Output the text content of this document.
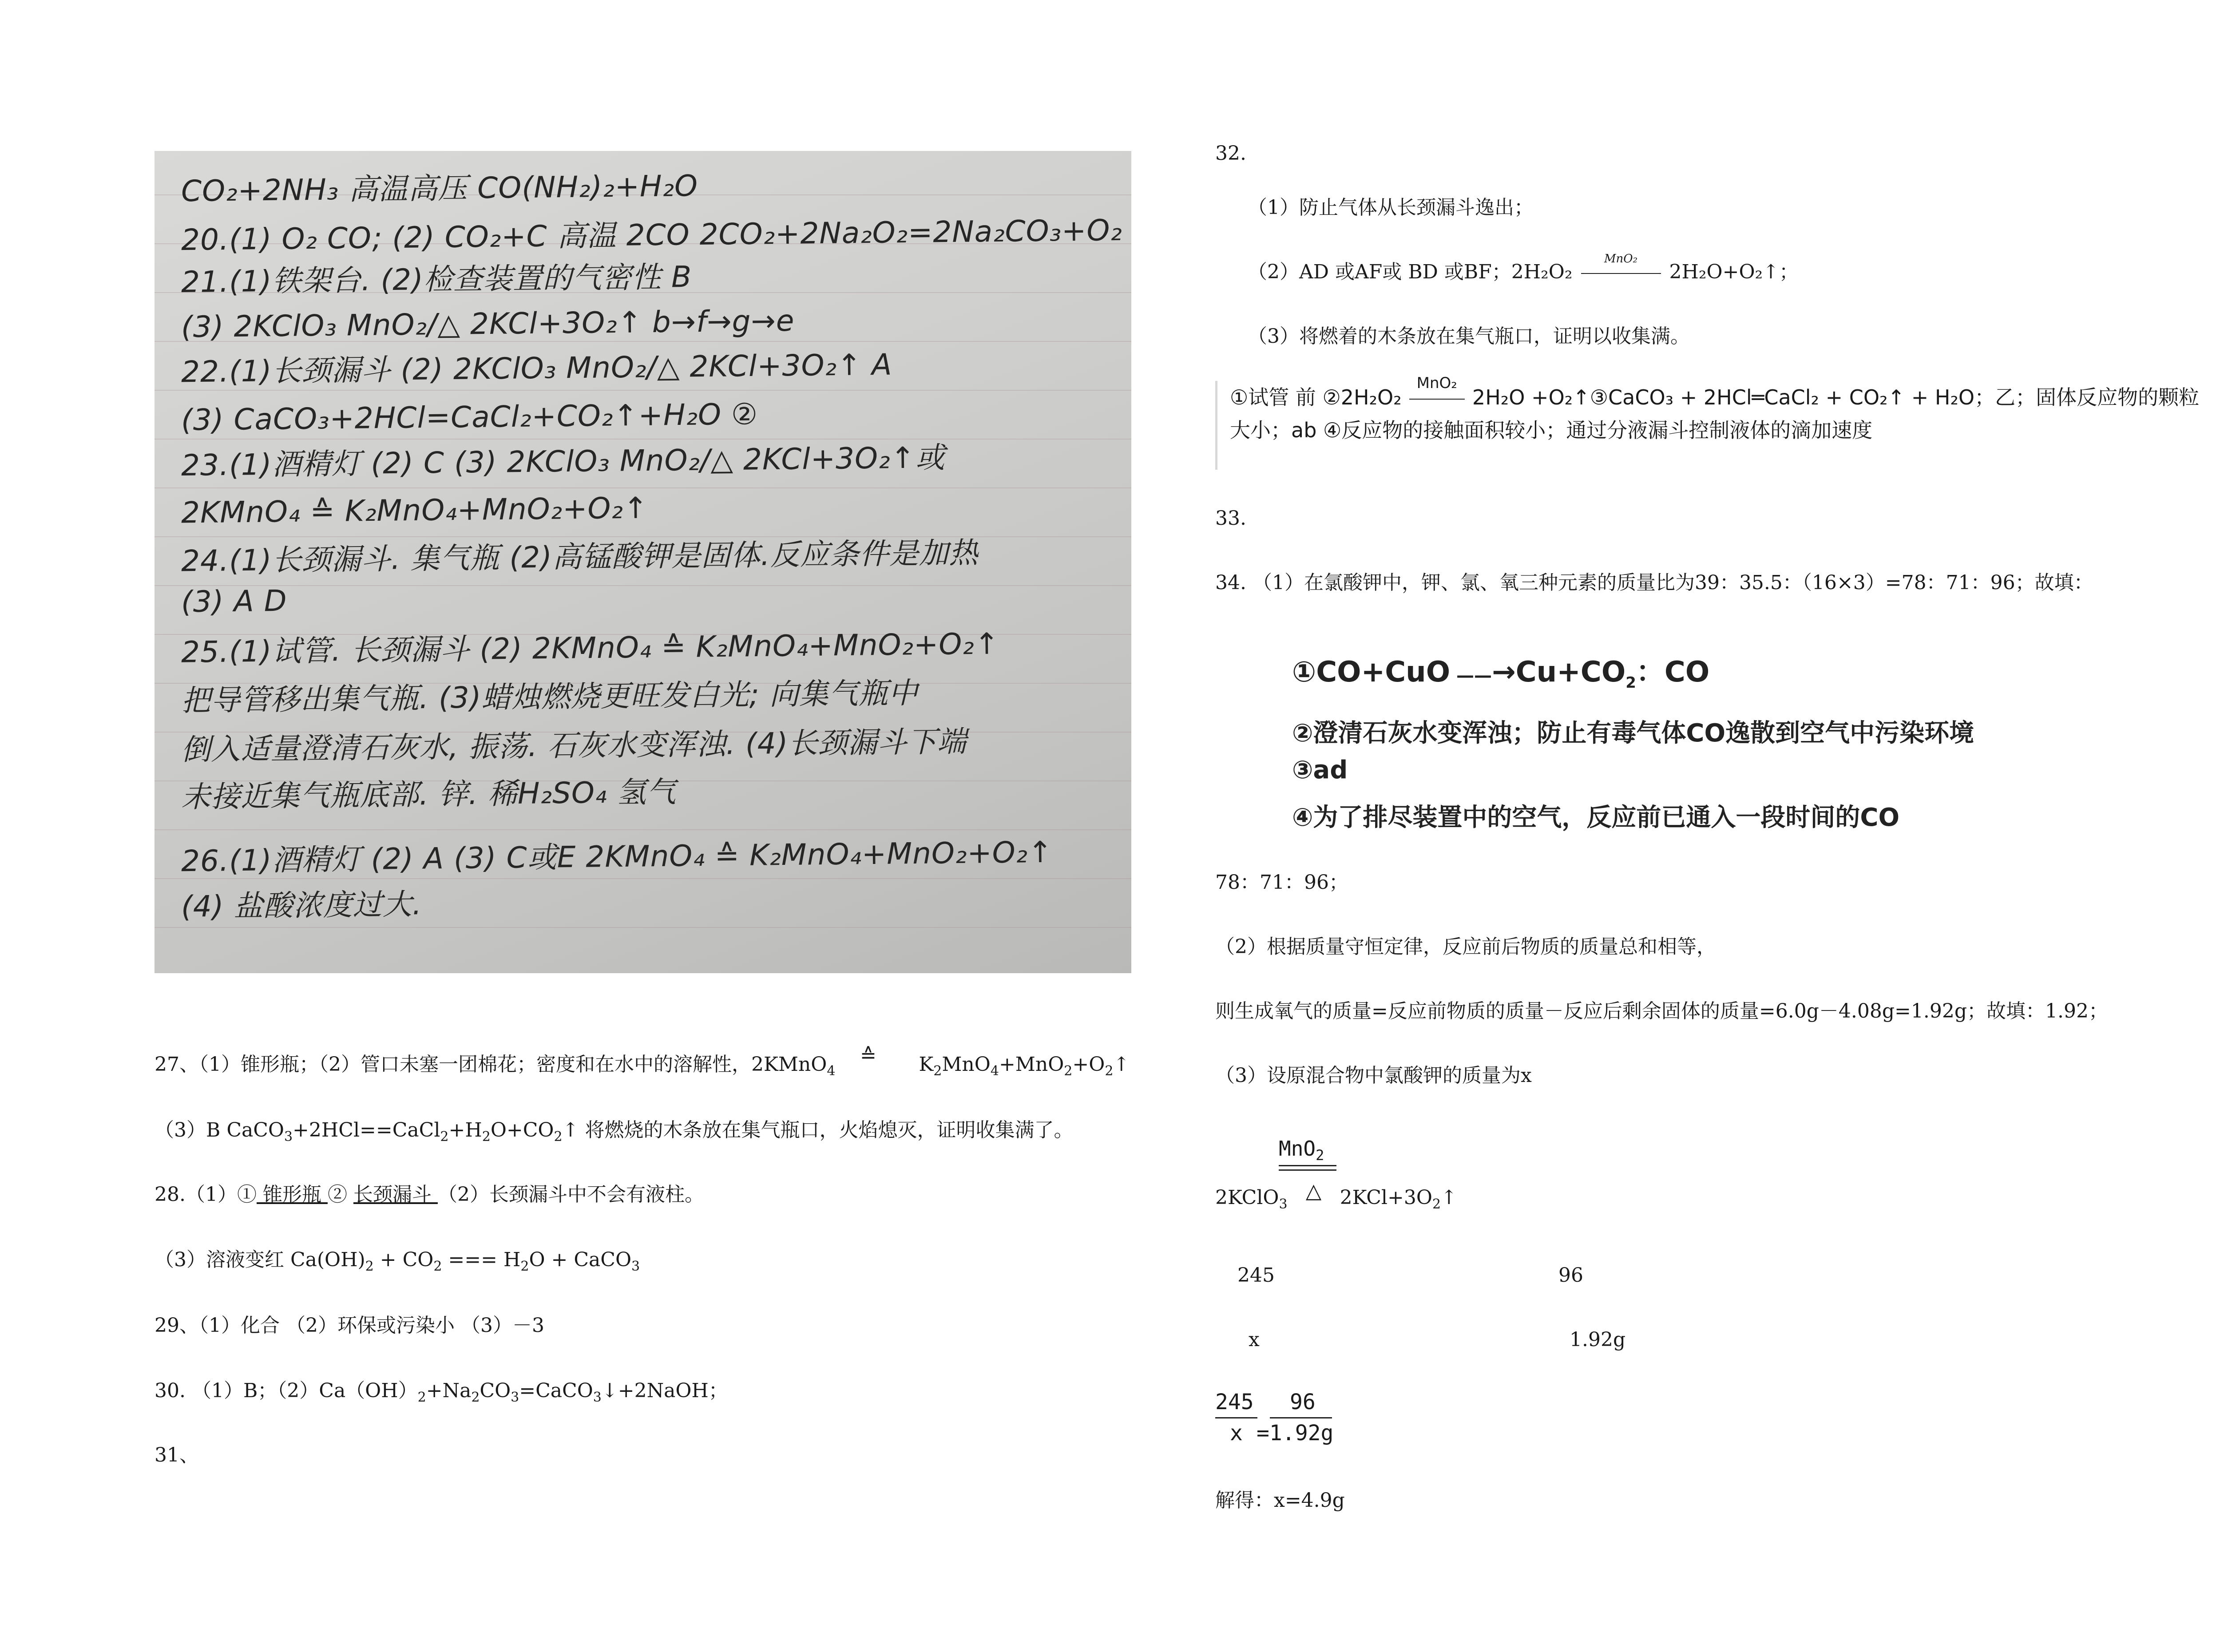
CO₂+2NH₃ 高温高压 CO(NH₂)₂+H₂O
20.(1) O₂ CO; (2) CO₂+C 高温 2CO 2CO₂+2Na₂O₂=2Na₂CO₃+O₂
21.(1)铁架台. (2)检查装置的气密性 B
(3) 2KClO₃ MnO₂/△ 2KCl+3O₂↑ b→f→g→e
22.(1)长颈漏斗 (2) 2KClO₃ MnO₂/△ 2KCl+3O₂↑ A
(3) CaCO₃+2HCl=CaCl₂+CO₂↑+H₂O ②
23.(1)酒精灯 (2) C (3) 2KClO₃ MnO₂/△ 2KCl+3O₂↑或
2KMnO₄ ≙ K₂MnO₄+MnO₂+O₂↑
24.(1)长颈漏斗. 集气瓶 (2)高锰酸钾是固体.反应条件是加热
(3) A D
25.(1)试管. 长颈漏斗 (2) 2KMnO₄ ≙ K₂MnO₄+MnO₂+O₂↑
把导管移出集气瓶. (3)蜡烛燃烧更旺发白光; 向集气瓶中
倒入适量澄清石灰水, 振荡. 石灰水变浑浊. (4)长颈漏斗下端
未接近集气瓶底部. 锌. 稀H₂SO₄ 氢气
26.(1)酒精灯 (2) A (3) C或E 2KMnO₄ ≙ K₂MnO₄+MnO₂+O₂↑
(4) 盐酸浓度过大.
27、（1）锥形瓶；（2）管口未塞一团棉花；密度和在水中的溶解性，2KMnO$_4$ ≙ $K_2MnO_4+MnO_2+O_2↑$
（3）B $CaCO_3+2HCl==CaCl_2+H_2O+CO_2↑$ 将燃烧的木条放在集气瓶口，火焰熄灭，证明收集满了。
28.（1）① 锥形瓶 ② 长颈漏斗 （2）长颈漏斗中不会有液柱。
（3）溶液变红 $Ca(OH)_2 + CO_2$ === $H_2O$ + CaCO$_3$
29、（1）化合 （2）环保或污染小 （3）－3
30. （1）B；$(2)Ca(OH)_2+Na_2CO_3=CaCO_3↓+2NaOH$；
31、
32.
（1）防止气体从长颈漏斗逸出；
（2）AD 或AF或 BD 或BF；2H₂O₂
MnO₂
2H₂O+O₂↑；
（3）将燃着的木条放在集气瓶口，证明以收集满。
①试管 前 ②2H₂O₂
MnO₂
2H₂O +O₂↑③CaCO₃ + 2HCl═CaCl₂ + CO₂↑ + H₂O；乙；固体反应物的颗粒
大小；ab ④反应物的接触面积较小；通过分液漏斗控制液体的滴加速度
33.
34. （1）在氯酸钾中，钾、氯、氧三种元素的质量比为39：35.5：（16×3）=78：71：96；故填：
①CO+CuO $——\to Cu+CO_2$：CO
②澄清石灰水变浑浊；防止有毒气体CO逸散到空气中污染环境
③ad
④为了排尽装置中的空气，反应前已通入一段时间的CO
78：71：96；
（2）根据质量守恒定律，反应前后物质的质量总和相等，
则生成氧气的质量=反应前物质的质量－反应后剩余固体的质量=6.0g－4.08g=1.92g；故填：1.92；
（3）设原混合物中氯酸钾的质量为x
MnO$_2$
2KClO$_3$ △ $2KCl+3O_2↑$
245	96
x	1.92g
245 96
x =1.92g
解得：x=4.9g
